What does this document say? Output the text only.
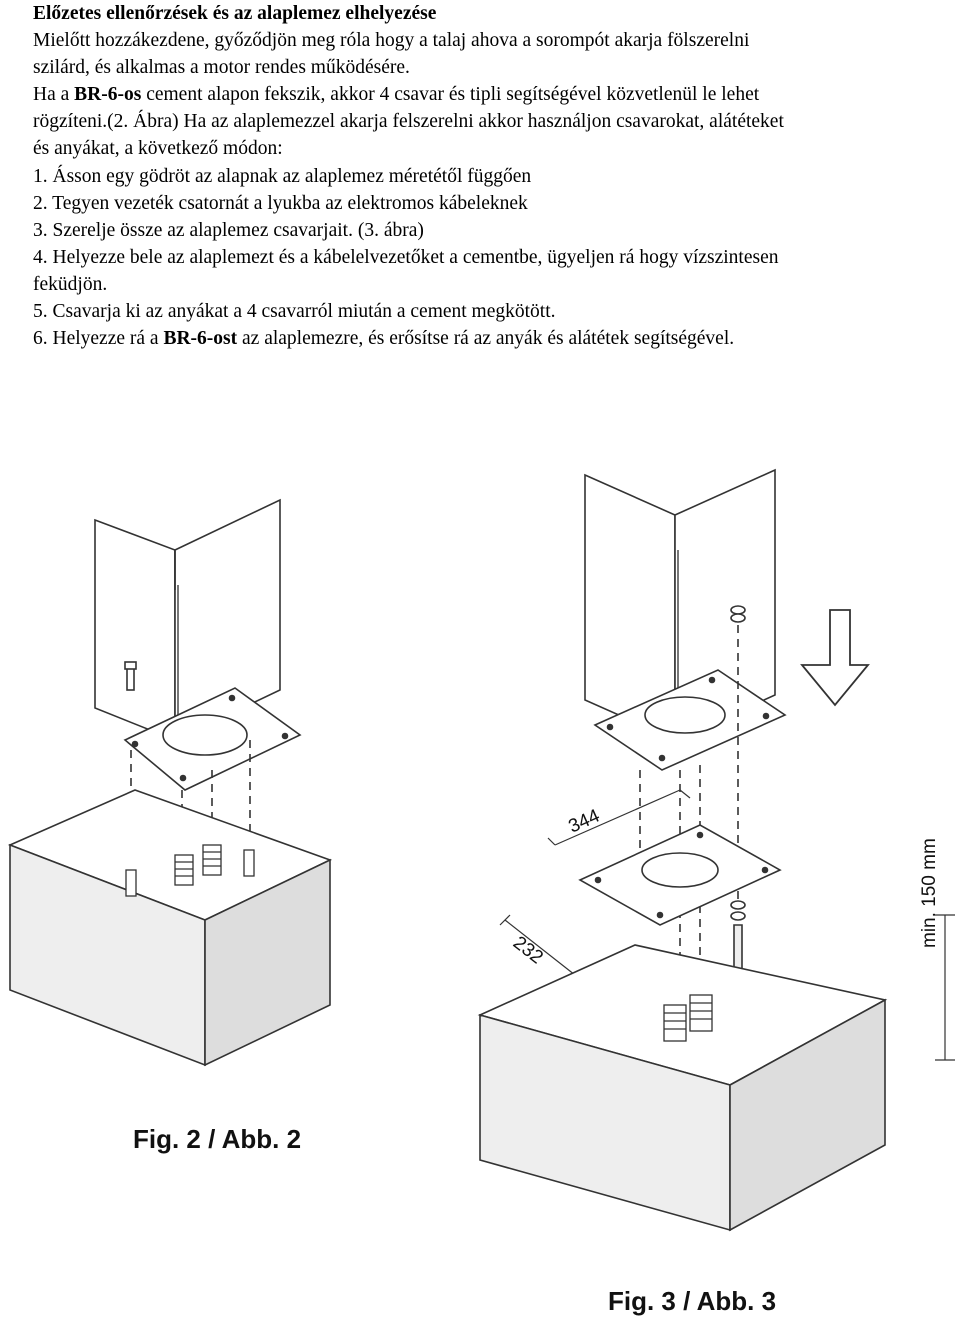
Előzetes ellenőrzések és az alaplemez elhelyezése

Mielőtt hozzákezdene, győződjön meg róla hogy a talaj ahova a sorompót akarja fölszerelni

szilárd, és alkalmas a motor rendes működésére.

Ha a BR-6-os cement alapon fekszik, akkor 4 csavar és tipli segítségével közvetlenül le lehet

rögzíteni.(2. Ábra) Ha az alaplemezzel akarja felszerelni akkor használjon csavarokat, alátéteket

és anyákat, a következő módon:

1. Ásson egy gödröt az alapnak az alaplemez méretétől függően

2. Tegyen vezeték csatornát a lyukba az elektromos kábeleknek

3. Szerelje össze az alaplemez csavarjait. (3. ábra)

4. Helyezze bele az alaplemezt és a kábelelvezetőket a cementbe, ügyeljen rá hogy vízszintesen

feküdjön.

5. Csavarja ki az anyákat a 4 csavarról miután a cement megkötött.

6. Helyezze rá a BR-6-ost az alaplemezre, és erősítse rá az anyák és alátétek segítségével.

344
232
min. 150 mm
Fig. 2 / Abb. 2
Fig. 3 / Abb. 3
